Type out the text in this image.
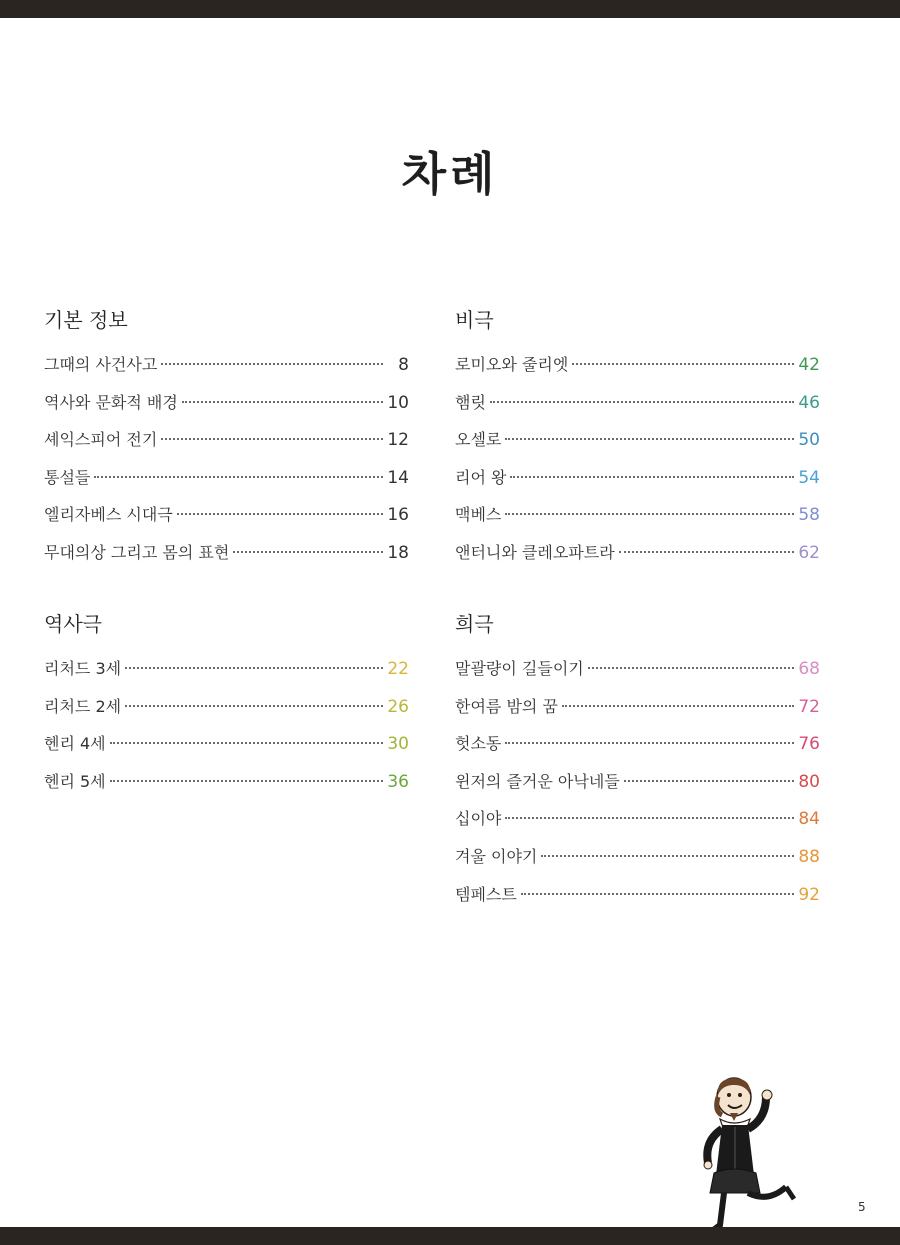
차례
기본 정보
그때의 사건사고	8
역사와 문화적 배경	10
셰익스피어 전기	12
통설들	14
엘리자베스 시대극	16
무대의상 그리고 몸의 표현	18
역사극
리처드 3세	22
리처드 2세	26
헨리 4세	30
헨리 5세	36
비극
로미오와 줄리엣	42
햄릿	46
오셀로	50
리어 왕	54
맥베스	58
앤터니와 클레오파트라	62
희극
말괄량이 길들이기	68
한여름 밤의 꿈	72
헛소동	76
윈저의 즐거운 아낙네들	80
십이야	84
겨울 이야기	88
템페스트	92
5
